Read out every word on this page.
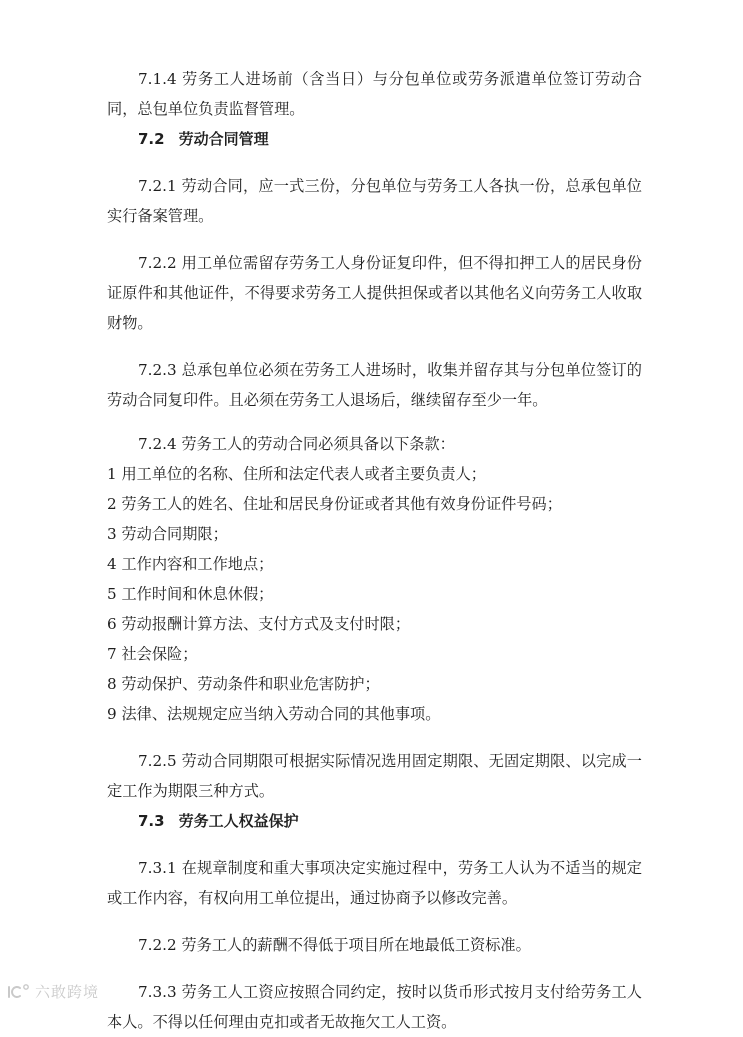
7.1.4 劳务工人进场前（含当日）与分包单位或劳务派遣单位签订劳动合同，总包单位负责监督管理。

7.2 劳动合同管理

7.2.1 劳动合同，应一式三份，分包单位与劳务工人各执一份，总承包单位实行备案管理。

7.2.2 用工单位需留存劳务工人身份证复印件，但不得扣押工人的居民身份证原件和其他证件，不得要求劳务工人提供担保或者以其他名义向劳务工人收取财物。

7.2.3 总承包单位必须在劳务工人进场时，收集并留存其与分包单位签订的劳动合同复印件。且必须在劳务工人退场后，继续留存至少一年。

7.2.4 劳务工人的劳动合同必须具备以下条款：

1 用工单位的名称、住所和法定代表人或者主要负责人；

2 劳务工人的姓名、住址和居民身份证或者其他有效身份证件号码；

3 劳动合同期限；

4 工作内容和工作地点；

5 工作时间和休息休假；

6 劳动报酬计算方法、支付方式及支付时限；

7 社会保险；

8 劳动保护、劳动条件和职业危害防护；

9 法律、法规规定应当纳入劳动合同的其他事项。

7.2.5 劳动合同期限可根据实际情况选用固定期限、无固定期限、以完成一定工作为期限三种方式。

7.3 劳务工人权益保护

7.3.1 在规章制度和重大事项决定实施过程中，劳务工人认为不适当的规定或工作内容，有权向用工单位提出，通过协商予以修改完善。

7.2.2 劳务工人的薪酬不得低于项目所在地最低工资标准。

7.3.3 劳务工人工资应按照合同约定，按时以货币形式按月支付给劳务工人本人。不得以任何理由克扣或者无故拖欠工人工资。

六敢跨境
